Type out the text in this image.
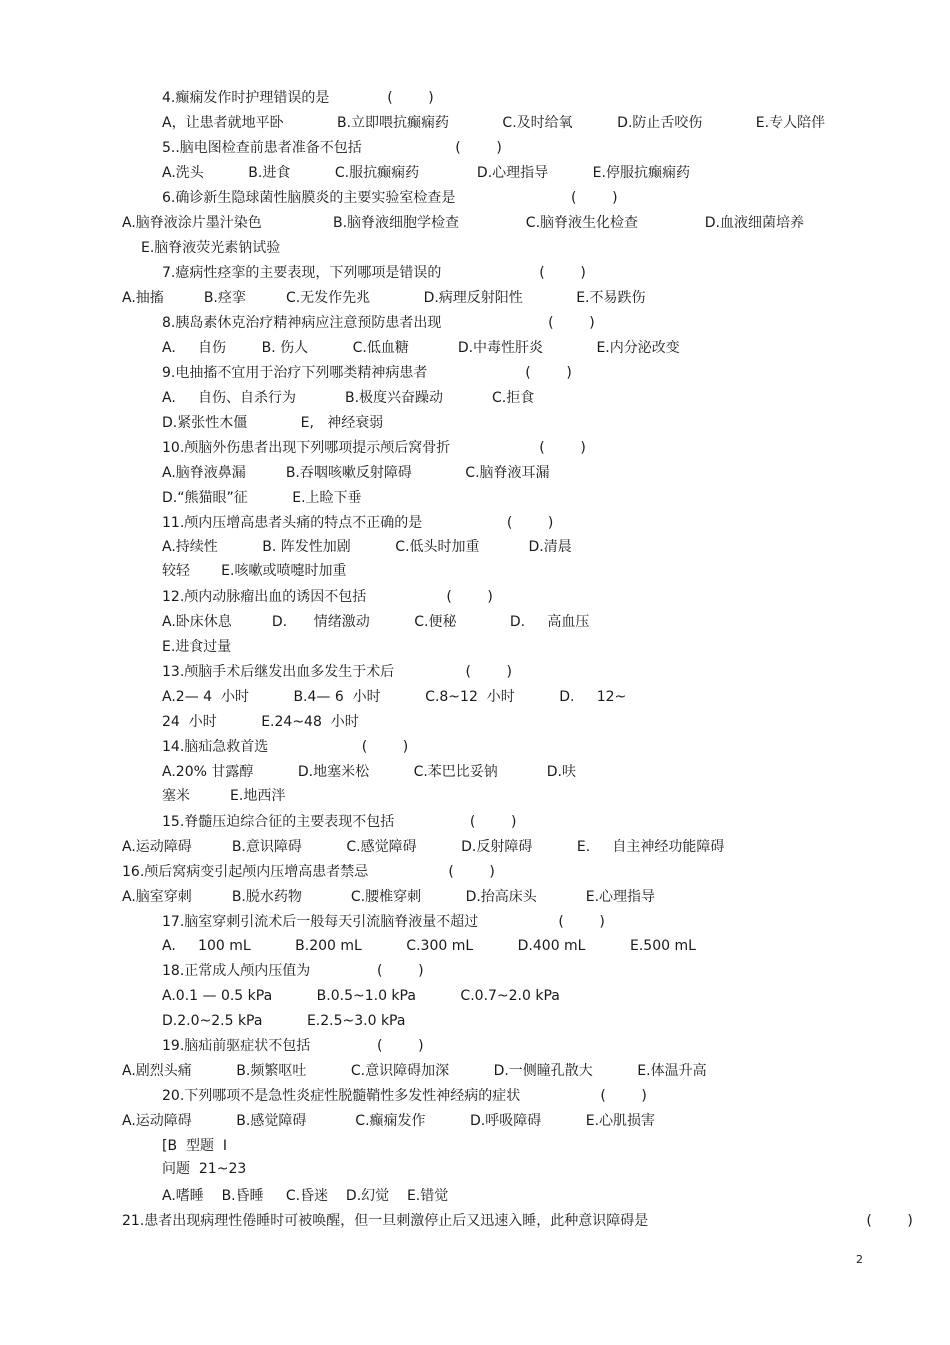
4.癫痫发作时护理错误的是             (        )
A，让患者就地平卧            B.立即喂抗癫痫药            C.及时给氧          D.防止舌咬伤            E.专人陪伴
5..脑电图检查前患者准备不包括                     (        )
A.洗头          B.进食          C.服抗癫痫药             D.心理指导          E.停服抗癫痫药
6.确诊新生隐球菌性脑膜炎的主要实验室检查是                          (        )
A.脑脊液涂片墨汁染色                B.脑脊液细胞学检查               C.脑脊液生化检查               D.血液细菌培养
E.脑脊液荧光素钠试验
7.癔病性痉挛的主要表现，下列哪项是错误的                      (        )
A.抽搐         B.痉挛         C.无发作先兆            D.病理反射阳性            E.不易跌伤
8.胰岛素休克治疗精神病应注意预防患者出现                        (        )
A.     自伤        B. 伤人          C.低血糖           D.中毒性肝炎            E.内分泌改变
9.电抽搐不宜用于治疗下列哪类精神病患者                      (        )
A.     自伤、自杀行为           B.极度兴奋躁动           C.拒食
D.紧张性木僵            E,   神经衰弱
10.颅脑外伤患者出现下列哪项提示颅后窝骨折                    (        )
A.脑脊液鼻漏         B.吞咽咳嗽反射障碍            C.脑脊液耳漏
D.“熊猫眼”征          E.上睑下垂
11.颅内压增高患者头痛的特点不正确的是                   (        )
A.持续性          B. 阵发性加剧          C.低头时加重           D.清晨
较轻       E.咳嗽或喷嚏时加重
12.颅内动脉瘤出血的诱因不包括                  (        )
A.卧床休息         D.      情绪激动          C.便秘            D.     高血压
E.进食过量
13.颅脑手术后继发出血多发生于术后                (        )
A.2— 4  小时          B.4— 6  小时          C.8~12  小时          D.     12~
24  小时          E.24~48  小时
14.脑疝急救首选                     (        )
A.20% 甘露醇          D.地塞米松          C.苯巴比妥钠           D.呋
塞米         E.地西泮
15.脊髓压迫综合征的主要表现不包括                 (        )
A.运动障碍         B.意识障碍          C.感觉障碍          D.反射障碍          E.     自主神经功能障碍
16.颅后窝病变引起颅内压增高患者禁忌                  (        )
A.脑室穿刺         B.脱水药物           C.腰椎穿刺          D.抬高床头           E.心理指导
17.脑室穿刺引流术后一般每天引流脑脊液量不超过                  (        )
A.     100 mL          B.200 mL          C.300 mL          D.400 mL          E.500 mL
18.正常成人颅内压值为               (        )
A.0.1 — 0.5 kPa          B.0.5~1.0 kPa          C.0.7~2.0 kPa
D.2.0~2.5 kPa          E.2.5~3.0 kPa
19.脑疝前驱症状不包括               (        )
A.剧烈头痛          B.频繁呕吐          C.意识障碍加深          D.一侧瞳孔散大          E.体温升高
20.下列哪项不是急性炎症性脱髓鞘性多发性神经病的症状                  (        )
A.运动障碍          B.感觉障碍           C.癫痫发作          D.呼吸障碍          E.心肌损害
[B  型题  I
问题  21~23
A.嗜睡    B.昏睡     C.昏迷    D.幻觉    E.错觉
21.患者出现病理性倦睡时可被唤醒，但一旦刺激停止后又迅速入睡，此种意识障碍是                                                 (        )
2
